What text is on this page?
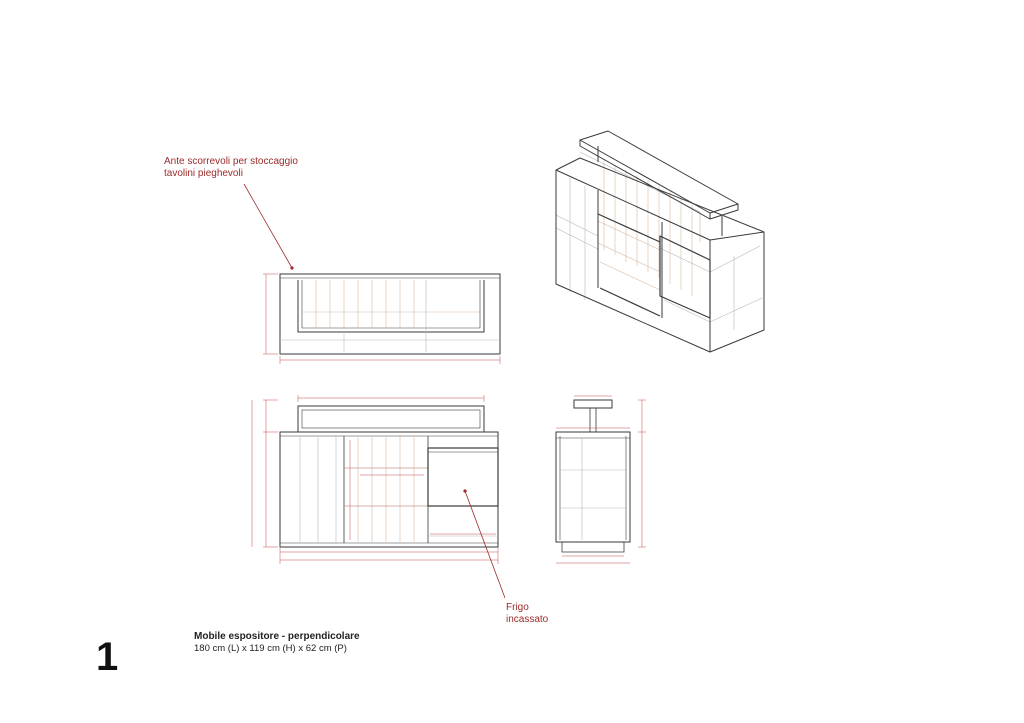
Ante scorrevoli per stoccaggio
tavolini pieghevoli
Frigo
incassato
1	Mobile espositore - perpendicolare
180 cm (L) x 119 cm (H) x 62 cm (P)
